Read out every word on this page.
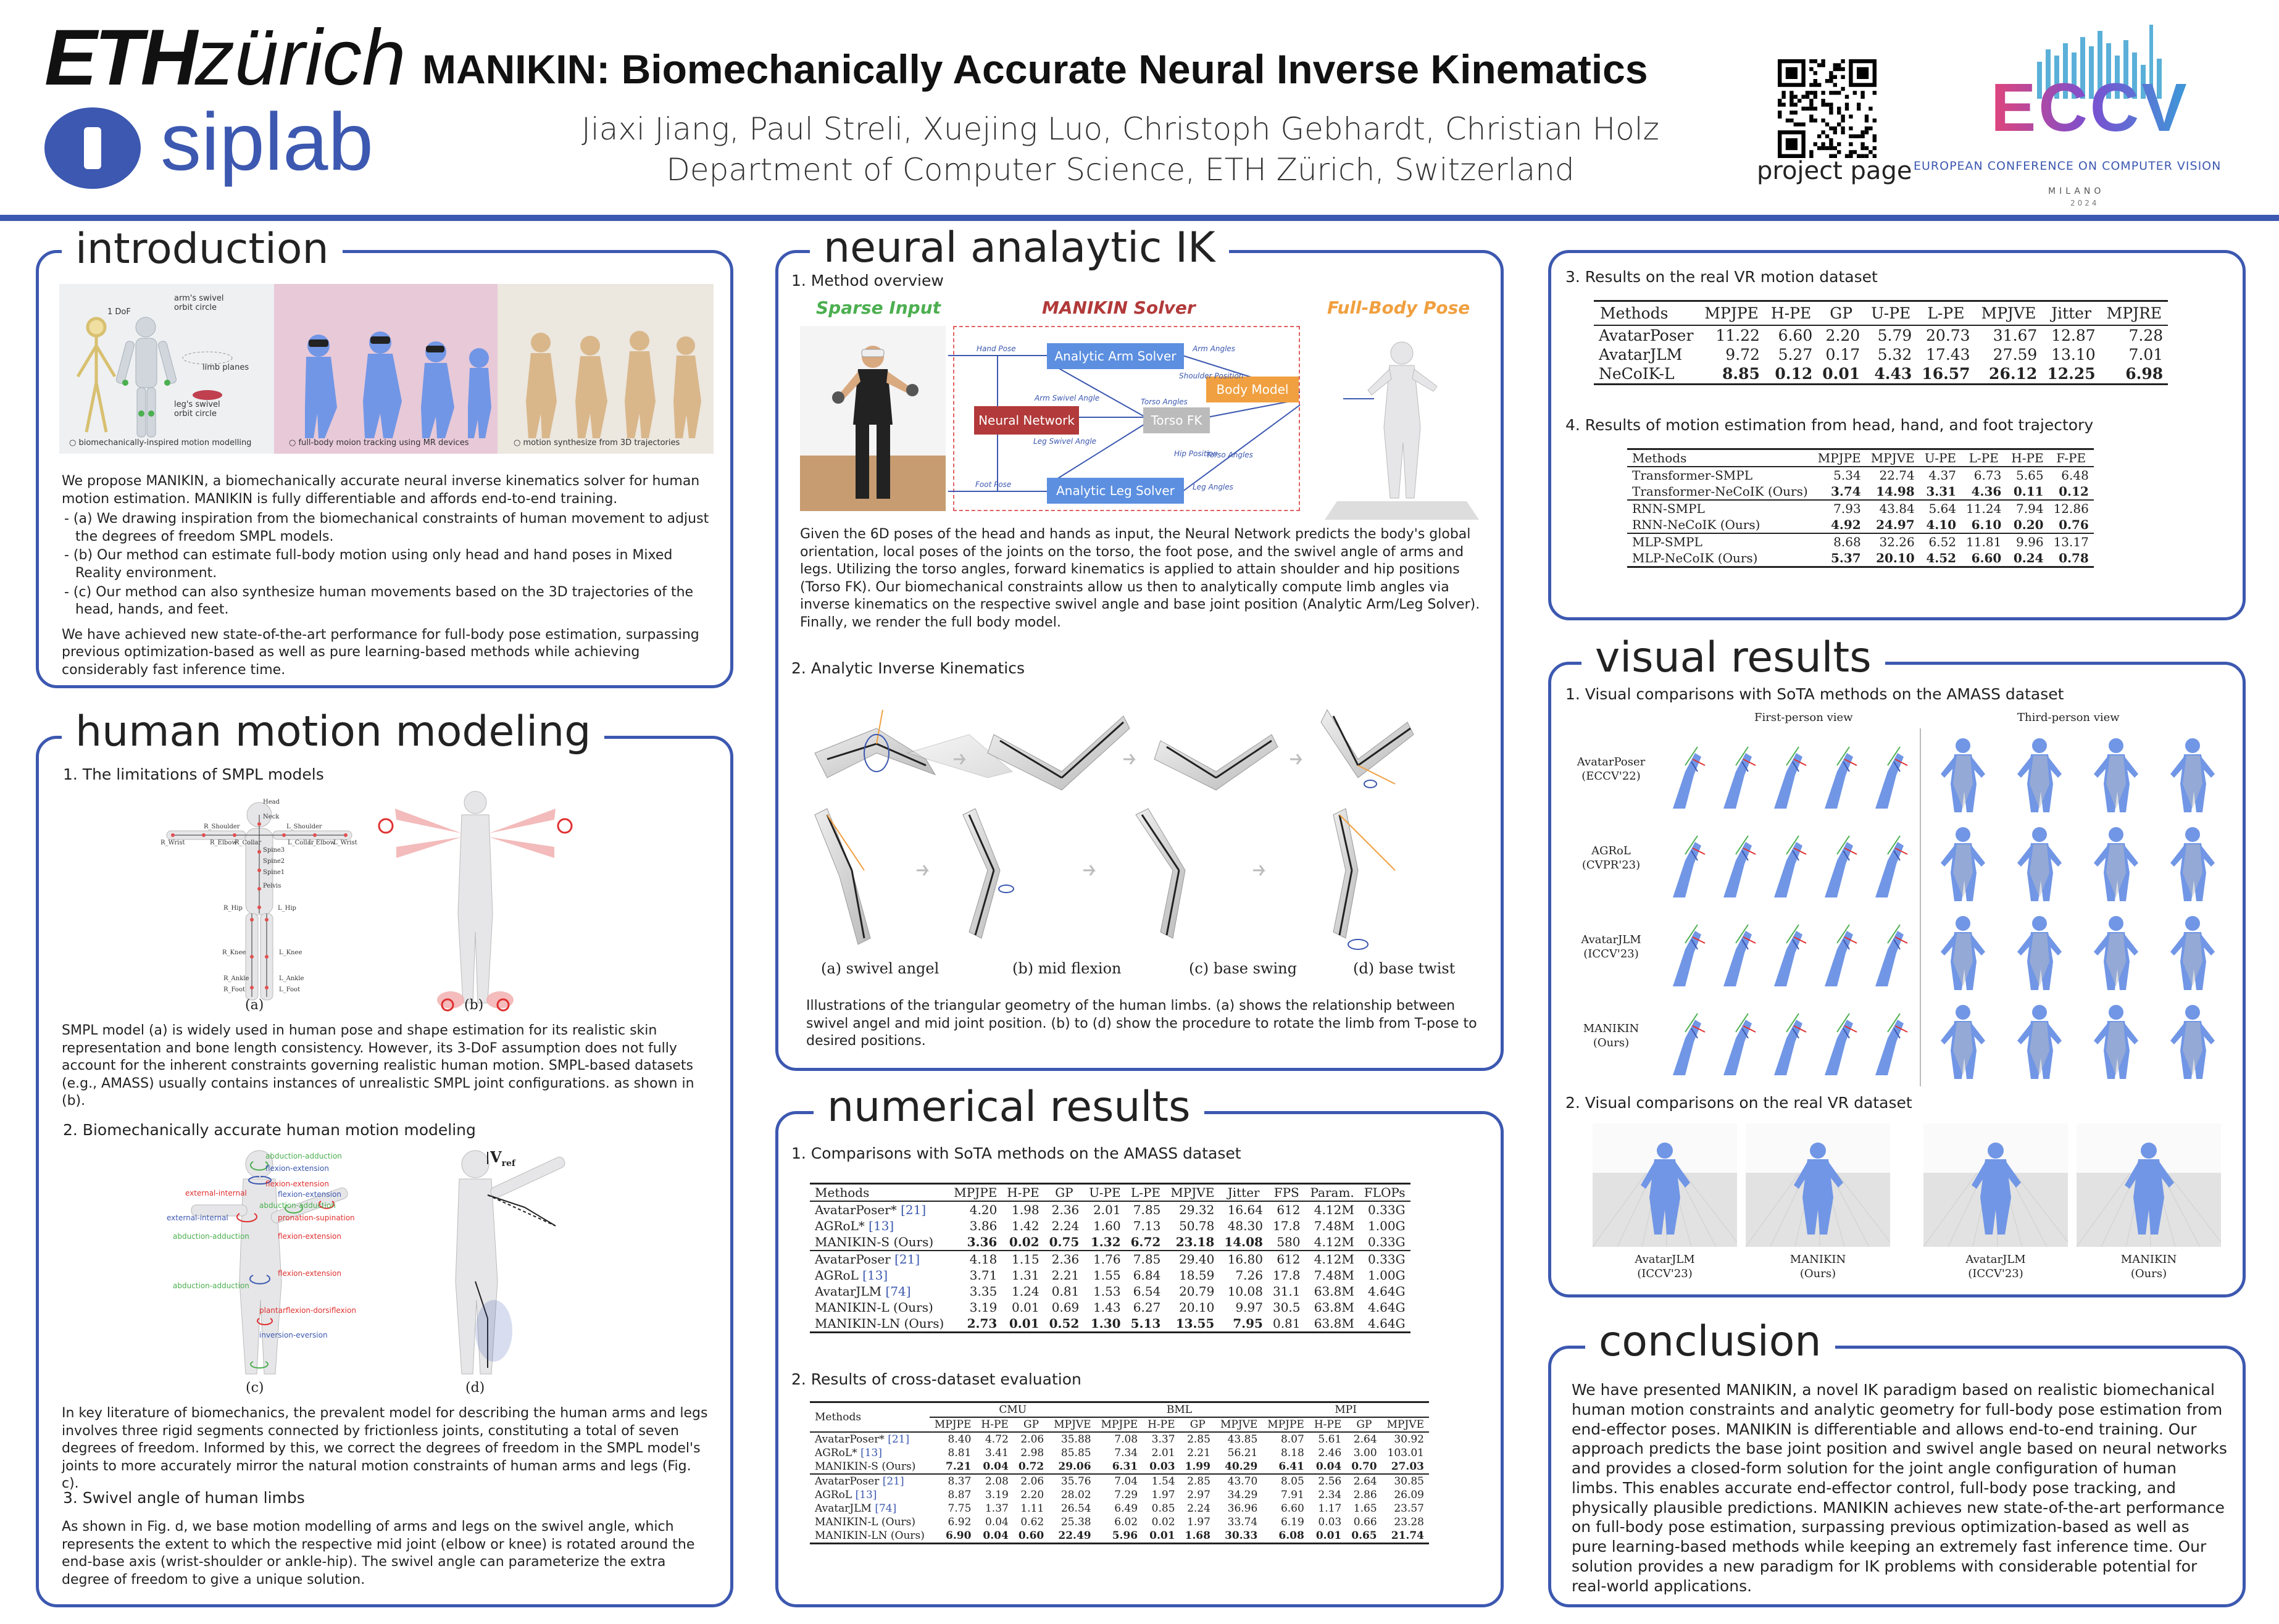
ETHzürich
siplab
MANIKIN: Biomechanically Accurate Neural Inverse Kinematics
Jiaxi Jiang, Paul Streli, Xuejing Luo, Christoph Gebhardt, Christian Holz
Department of Computer Science, ETH Zürich, Switzerland	project page
ECCV
EUROPEAN CONFERENCE ON COMPUTER VISION
MILANO
2024
introduction
1 DoF
arm's swivel
orbit circle
limb planes
leg's swivel
orbit circle
○ biomechanically-inspired motion modelling	○ full-body moion tracking using MR devices	○ motion synthesize from 3D trajectories

We propose MANIKIN, a biomechanically accurate neural inverse kinematics solver for human motion estimation. MANIKIN is fully differentiable and affords end-to-end training.

- (a) We drawing inspiration from the biomechanical constraints of human movement to adjust the degrees of freedom SMPL models.
- (b) Our method can estimate full-body motion using only head and hand poses in Mixed Reality environment.
- (c) Our method can also synthesize human movements based on the 3D trajectories of the head, hands, and feet.

We have achieved new state-of-the-art performance for full-body pose estimation, surpassing previous optimization-based as well as pure learning-based methods while achieving considerably fast inference time.

human motion modeling
1. The limitations of SMPL models
Head
Neck
R_Shoulder	L_Shoulder
R_Wrist	R_Elbow
R_Collar	L_Collar
L_Elbow
L_Wrist
Spine3
Spine2
Spine1
Pelvis
R_Hip	L_Hip
R_Knee	L_Knee
R_Ankle	L_Ankle
R_Foot	L_Foot
(a)	(b)
SMPL model (a) is widely used in human pose and shape estimation for its realistic skin representation and bone length consistency. However, its 3-DoF assumption does not fully account for the inherent constraints governing realistic human motion. SMPL-based datasets (e.g., AMASS) usually contains instances of unrealistic SMPL joint configurations. as shown in (b).
2. Biomechanically accurate human motion modeling
abduction-adduction
flexion-extension
flexion-extension
external-internal	flexion-extension
abduction-adduction
external-internal	pronation-supination
abduction-adduction	flexion-extension
flexion-extension
abduction-adduction
plantarflexion-dorsiflexion
inversion-eversion
$V_{ref}$
(c)	(d)
In key literature of biomechanics, the prevalent model for describing the human arms and legs involves three rigid segments connected by frictionless joints, constituting a total of seven degrees of freedom. Informed by this, we correct the degrees of freedom in the SMPL model's joints to more accurately mirror the natural motion constraints of human arms and legs (Fig. c).
3. Swivel angle of human limbs
As shown in Fig. d, we base motion modelling of arms and legs on the swivel angle, which represents the extent to which the respective mid joint (elbow or knee) is rotated around the end-base axis (wrist-shoulder or ankle-hip). The swivel angle can parameterize the extra degree of freedom to give a unique solution.
neural analaytic IK
1. Method overview
Sparse Input	MANIKIN Solver	Full-Body Pose
Neural Network
Analytic Arm Solver
Analytic Leg Solver
Torso FK
Body Model
Hand Pose	Arm Angles
Shoulder Position
Arm Swivel Angle	Torso Angles
Leg Swivel Angle
Hip Position
Torso Angles
Foot Pose	Leg Angles
Given the 6D poses of the head and hands as input, the Neural Network predicts the body's global orientation, local poses of the joints on the torso, the foot pose, and the swivel angle of arms and legs. Utilizing the torso angles, forward kinematics is applied to attain shoulder and hip positions (Torso FK). Our biomechanical constraints allow us then to analytically compute limb angles via inverse kinematics on the respective swivel angle and base joint position (Analytic Arm/Leg Solver). Finally, we render the full body model.
2. Analytic Inverse Kinematics
(a) swivel angel	(b) mid flexion	(c) base swing	(d) base twist
Illustrations of the triangular geometry of the human limbs. (a) shows the relationship between swivel angel and mid joint position. (b) to (d) show the procedure to rotate the limb from T-pose to desired positions.
numerical results
1. Comparisons with SoTA methods on the AMASS dataset
Methods	MPJPE	H-PE	GP	U-PE	L-PE	MPJVE	Jitter	FPS	Param.	FLOPs
AvatarPoser* [21]	4.20	1.98	2.36	2.01	7.85	29.32	16.64	612	4.12M	0.33G
AGRoL* [13]	3.86	1.42	2.24	1.60	7.13	50.78	48.30	17.8	7.48M	1.00G
MANIKIN-S (Ours)	3.36	0.02	0.75	1.32	6.72	23.18	14.08	580	4.12M	0.33G
AvatarPoser [21]	4.18	1.15	2.36	1.76	7.85	29.40	16.80	612	4.12M	0.33G
AGRoL [13]	3.71	1.31	2.21	1.55	6.84	18.59	7.26	17.8	7.48M	1.00G
AvatarJLM [74]	3.35	1.24	0.81	1.53	6.54	20.79	10.08	31.1	63.8M	4.64G
MANIKIN-L (Ours)	3.19	0.01	0.69	1.43	6.27	20.10	9.97	30.5	63.8M	4.64G
MANIKIN-LN (Ours)	2.73	0.01	0.52	1.30	5.13	13.55	7.95	0.81	63.8M	4.64G
2. Results of cross-dataset evaluation
Methods	CMU				BML				MPI			
	MPJPE	H-PE	GP	MPJVE	MPJPE	H-PE	GP	MPJVE	MPJPE	H-PE	GP	MPJVE
AvatarPoser* [21]	8.40	4.72	2.06	35.88	7.08	3.37	2.85	43.85	8.07	5.61	2.64	30.92
AGRoL* [13]	8.81	3.41	2.98	85.85	7.34	2.01	2.21	56.21	8.18	2.46	3.00	103.01
MANIKIN-S (Ours)	7.21	0.04	0.72	29.06	6.31	0.03	1.99	40.29	6.41	0.04	0.70	27.03
AvatarPoser [21]	8.37	2.08	2.06	35.76	7.04	1.54	2.85	43.70	8.05	2.56	2.64	30.85
AGRoL [13]	8.87	3.19	2.20	28.02	7.29	1.97	2.97	34.29	7.91	2.34	2.86	26.09
AvatarJLM [74]	7.75	1.37	1.11	26.54	6.49	0.85	2.24	36.96	6.60	1.17	1.65	23.57
MANIKIN-L (Ours)	6.92	0.04	0.62	25.38	6.02	0.02	1.97	33.74	6.19	0.03	0.66	23.28
MANIKIN-LN (Ours)	6.90	0.04	0.60	22.49	5.96	0.01	1.68	30.33	6.08	0.01	0.65	21.74
3. Results on the real VR motion dataset
Methods	MPJPE	H-PE	GP	U-PE	L-PE	MPJVE	Jitter	MPJRE
AvatarPoser	11.22	6.60	2.20	5.79	20.73	31.67	12.87	7.28
AvatarJLM	9.72	5.27	0.17	5.32	17.43	27.59	13.10	7.01
NeCoIK-L	8.85	0.12	0.01	4.43	16.57	26.12	12.25	6.98
4. Results of motion estimation from head, hand, and foot trajectory
Methods	MPJPE	MPJVE	U-PE	L-PE	H-PE	F-PE
Transformer-SMPL	5.34	22.74	4.37	6.73	5.65	6.48
Transformer-NeCoIK (Ours)	3.74	14.98	3.31	4.36	0.11	0.12
RNN-SMPL	7.93	43.84	5.64	11.24	7.94	12.86
RNN-NeCoIK (Ours)	4.92	24.97	4.10	6.10	0.20	0.76
MLP-SMPL	8.68	32.26	6.52	11.81	9.96	13.17
MLP-NeCoIK (Ours)	5.37	20.10	4.52	6.60	0.24	0.78
visual results
1. Visual comparisons with SoTA methods on the AMASS dataset
First-person view	Third-person view
AvatarPoser
(ECCV'22)
AGRoL
(CVPR'23)
AvatarJLM
(ICCV'23)
MANIKIN
(Ours)
2. Visual comparisons on the real VR dataset
AvatarJLM
(ICCV'23)
MANIKIN
(Ours)
AvatarJLM
(ICCV'23)
MANIKIN
(Ours)
conclusion
We have presented MANIKIN, a novel IK paradigm based on realistic biomechanical human motion constraints and analytic geometry for full-body pose estimation from end-effector poses. MANIKIN is differentiable and allows end-to-end training. Our approach predicts the base joint position and swivel angle based on neural networks and provides a closed-form solution for the joint angle configuration of human limbs. This enables accurate end-effector control, full-body pose tracking, and physically plausible predictions. MANIKIN achieves new state-of-the-art performance on full-body pose estimation, surpassing previous optimization-based as well as pure learning-based methods while keeping an extremely fast inference time. Our solution provides a new paradigm for IK problems with considerable potential for real-world applications.
